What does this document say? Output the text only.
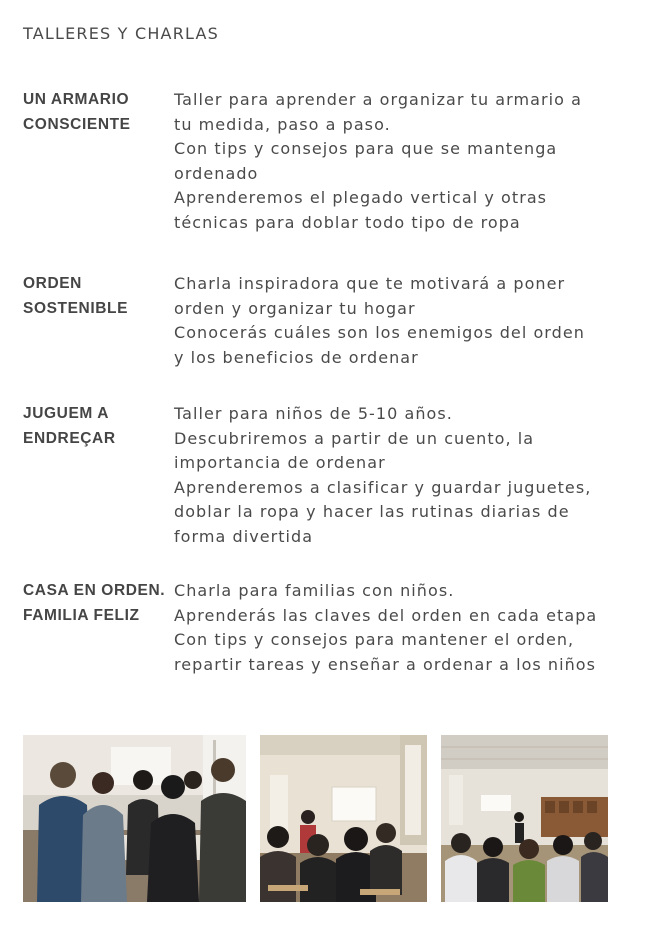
TALLERES Y CHARLAS
UN ARMARIO
CONSCIENTE
Taller para aprender a organizar tu armario a
tu medida, paso a paso.
Con tips y consejos para que se mantenga
ordenado
Aprenderemos el plegado vertical y otras
técnicas para doblar todo tipo de ropa
ORDEN
SOSTENIBLE
Charla inspiradora que te motivará a poner
orden y organizar tu hogar
Conocerás cuáles son los enemigos del orden
y los beneficios de ordenar
JUGUEM A
ENDREÇAR
Taller para niños de 5-10 años.
Descubriremos a partir de un cuento, la
importancia de ordenar
Aprenderemos a clasificar y guardar juguetes,
doblar la ropa y hacer las rutinas diarias de
forma divertida
CASA EN ORDEN.
FAMILIA FELIZ
Charla para familias con niños.
Aprenderás las claves del orden en cada etapa
Con tips y consejos para mantener el orden,
repartir tareas y enseñar a ordenar a los niños
